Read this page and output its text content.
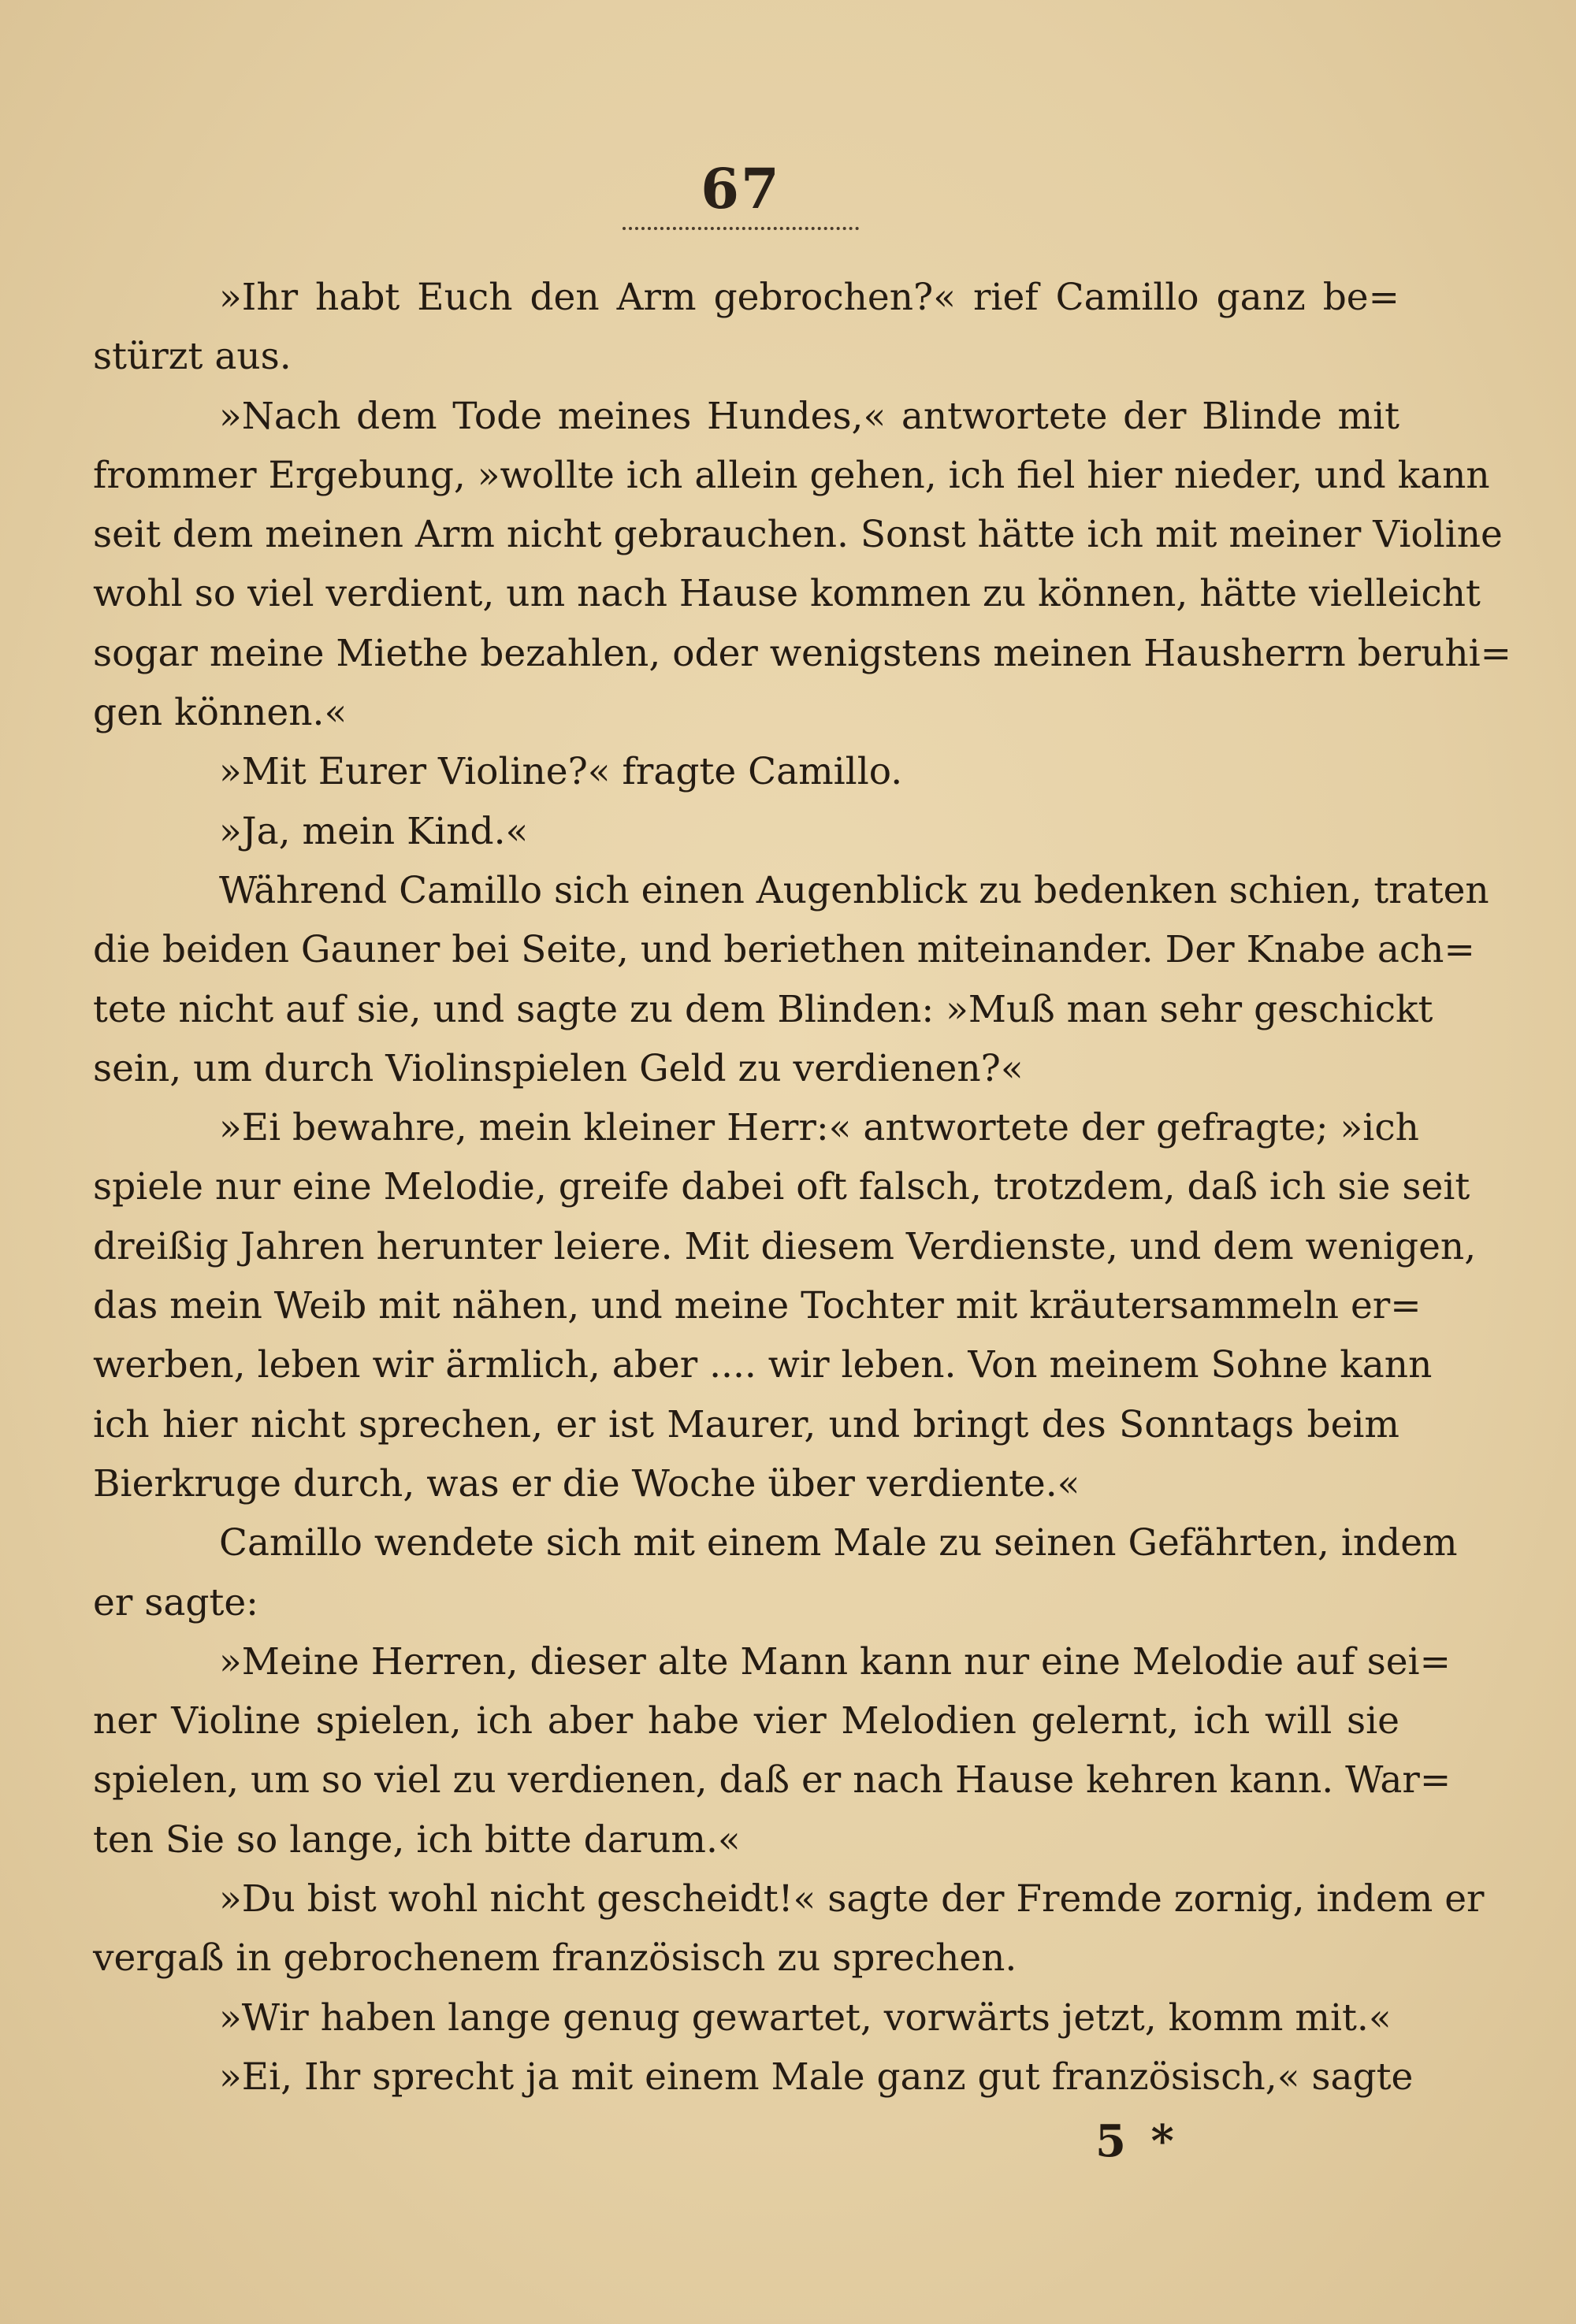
67
»Ihr habt Euch den Arm gebrochen?« rief Camillo ganz be=
stürzt aus.
»Nach dem Tode meines Hundes,« antwortete der Blinde mit
frommer Ergebung, »wollte ich allein gehen, ich fiel hier nieder, und kann
seit dem meinen Arm nicht gebrauchen. Sonst hätte ich mit meiner Violine
wohl so viel verdient, um nach Hause kommen zu können, hätte vielleicht
sogar meine Miethe bezahlen, oder wenigstens meinen Hausherrn beruhi=
gen können.«
»Mit Eurer Violine?« fragte Camillo.
»Ja, mein Kind.«
Während Camillo sich einen Augenblick zu bedenken schien, traten
die beiden Gauner bei Seite, und beriethen miteinander. Der Knabe ach=
tete nicht auf sie, und sagte zu dem Blinden: »Muß man sehr geschickt
sein, um durch Violinspielen Geld zu verdienen?«
»Ei bewahre, mein kleiner Herr:« antwortete der gefragte; »ich
spiele nur eine Melodie, greife dabei oft falsch, trotzdem, daß ich sie seit
dreißig Jahren herunter leiere. Mit diesem Verdienste, und dem wenigen,
das mein Weib mit nähen, und meine Tochter mit kräutersammeln er=
werben, leben wir ärmlich, aber .... wir leben. Von meinem Sohne kann
ich hier nicht sprechen, er ist Maurer, und bringt des Sonntags beim
Bierkruge durch, was er die Woche über verdiente.«
Camillo wendete sich mit einem Male zu seinen Gefährten, indem
er sagte:
»Meine Herren, dieser alte Mann kann nur eine Melodie auf sei=
ner Violine spielen, ich aber habe vier Melodien gelernt, ich will sie
spielen, um so viel zu verdienen, daß er nach Hause kehren kann. War=
ten Sie so lange, ich bitte darum.«
»Du bist wohl nicht gescheidt!« sagte der Fremde zornig, indem er
vergaß in gebrochenem französisch zu sprechen.
»Wir haben lange genug gewartet, vorwärts jetzt, komm mit.«
»Ei, Ihr sprecht ja mit einem Male ganz gut französisch,« sagte
5 *
